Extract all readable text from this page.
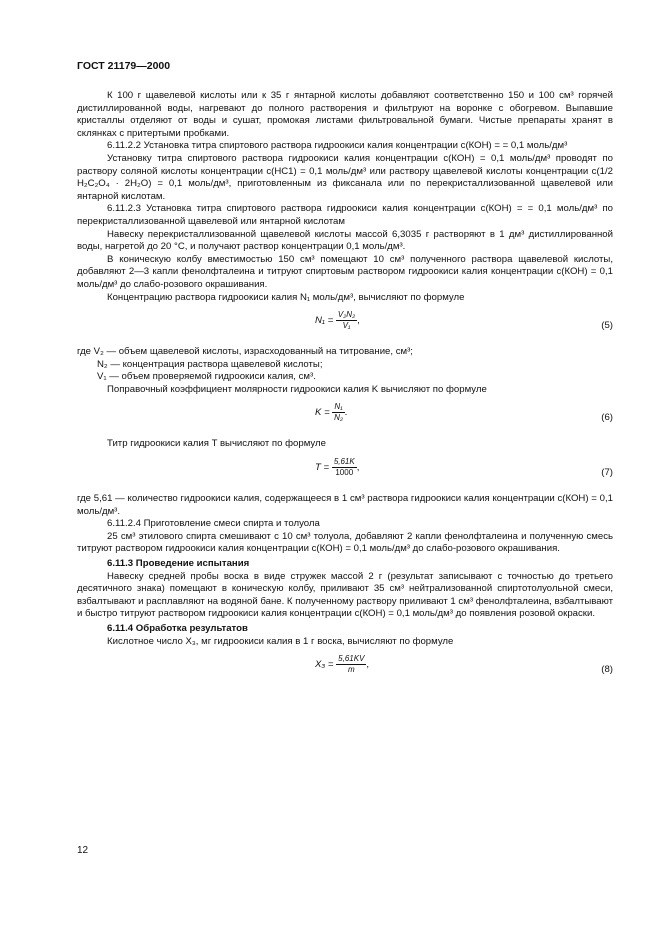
ГОСТ 21179—2000

К 100 г щавелевой кислоты или к 35 г янтарной кислоты добавляют соответственно 150 и 100 см³ горячей дистиллированной воды, нагревают до полного растворения и фильтруют на воронке с обогревом. Выпавшие кристаллы отделяют от воды и сушат, промокая листами фильтровальной бумаги. Чистые препараты хранят в склянках с притертыми пробками.

6.11.2.2 Установка титра спиртового раствора гидроокиси калия концентрации c(КОН) = = 0,1 моль/дм³

Установку титра спиртового раствора гидроокиси калия концентрации c(КОН) = 0,1 моль/дм³ проводят по раствору соляной кислоты концентрации c(НС1) = 0,1 моль/дм³ или раствору щавелевой кислоты концентрации c(1/2 H₂C₂O₄ · 2H₂O) = 0,1 моль/дм³, приготовленным из фиксанала или по перекристаллизованной щавелевой или янтарной кислотам.

6.11.2.3 Установка титра спиртового раствора гидроокиси калия концентрации c(КОН) = = 0,1 моль/дм³ по перекристаллизованной щавелевой или янтарной кислотам

Навеску перекристаллизованной щавелевой кислоты массой 6,3035 г растворяют в 1 дм³ дистиллированной воды, нагретой до 20 °С, и получают раствор концентрации 0,1 моль/дм³.

В коническую колбу вместимостью 150 см³ помещают 10 см³ полученного раствора щавелевой кислоты, добавляют 2—3 капли фенолфталеина и титруют спиртовым раствором гидроокиси калия концентрации c(КОН) = 0,1 моль/дм³ до слабо-розового окрашивания.

Концентрацию раствора гидроокиси калия N₁ моль/дм³, вычисляют по формуле

$N_1 = \frac{\text{V₂N₂}}{\text{V₁}}$ ,	(5)

где V₂ — объем щавелевой кислоты, израсходованный на титрование, см³;

N₂ — концентрация раствора щавелевой кислоты;

V₁ — объем проверяемой гидроокиси калия, см³.

Поправочный коэффициент молярности гидроокиси калия K вычисляют по формуле

$K = \frac{\text{N₁}}{\text{N₂}}$ .	(6)

Титр гидроокиси калия T вычисляют по формуле

$T = \frac{5,61K}{1000}$ ,	(7)

где 5,61 — количество гидроокиси калия, содержащееся в 1 см³ раствора гидроокиси калия концентрации c(КОН) = 0,1 моль/дм³.

6.11.2.4 Приготовление смеси спирта и толуола

25 см³ этилового спирта смешивают с 10 см³ толуола, добавляют 2 капли фенолфталеина и полученную смесь титруют раствором гидроокиси калия концентрации c(КОН) = 0,1 моль/дм³ до слабо-розового окрашивания.

6.11.3 Проведение испытания

Навеску средней пробы воска в виде стружек массой 2 г (результат записывают с точностью до третьего десятичного знака) помещают в коническую колбу, приливают 35 см³ нейтрализованной спиртотолуольной смеси, взбалтывают и расплавляют на водяной бане. К полученному раствору приливают 1 см³ фенолфталеина, взбалтывают и быстро титруют раствором гидроокиси калия концентрации c(КОН) = 0,1 моль/дм³ до появления розовой окраски.

6.11.4 Обработка результатов

Кислотное число X₃, мг гидроокиси калия в 1 г воска, вычисляют по формуле

$X_3 = \frac{5,61KV}{m}$ ,	(8)
12
